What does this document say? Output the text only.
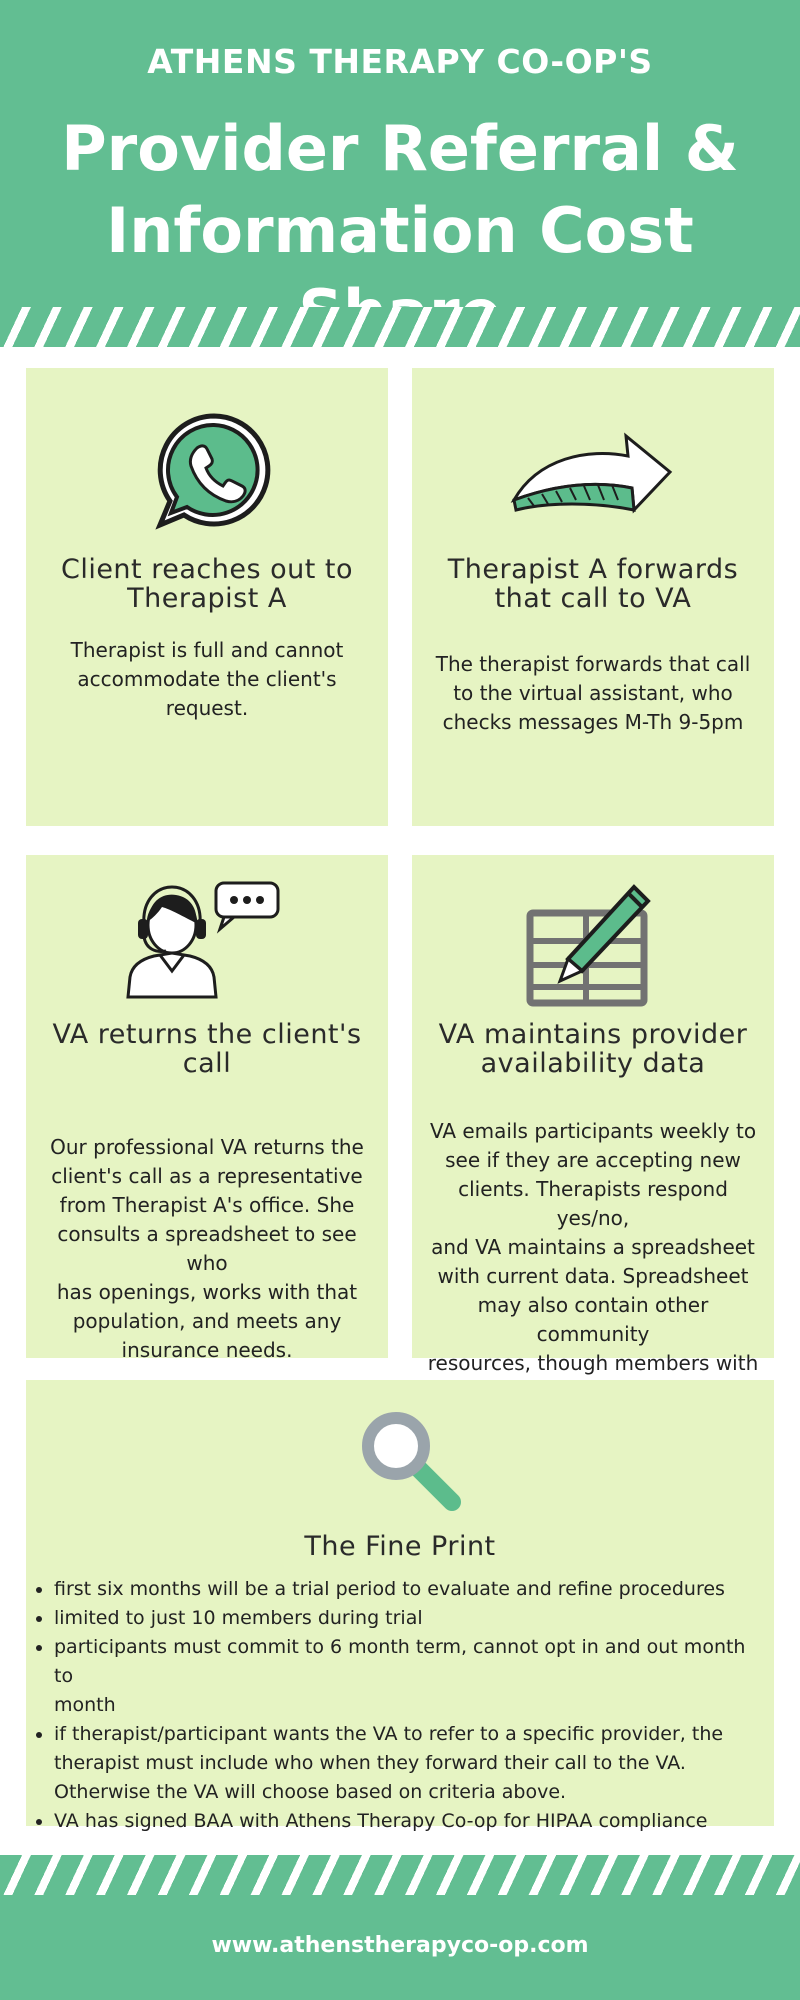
ATHENS THERAPY CO-OP'S
Provider Referral &
Information Cost
Client reaches out to
Therapist A

Therapist is full and cannot
accommodate the client's
request.

Therapist A forwards
that call to VA

The therapist forwards that call
to the virtual assistant, who
checks messages M-Th 9-5pm

VA returns the client's
call

Our professional VA returns the
client's call as a representative
from Therapist A's office. She
consults a spreadsheet to see who
has openings, works with that
population, and meets any
insurance needs.

VA maintains provider
availability data

VA emails participants weekly to
see if they are accepting new
clients. Therapists respond yes/no,
and VA maintains a spreadsheet
with current data. Spreadsheet
may also contain other community
resources, though members with

The Fine Print
first six months will be a trial period to evaluate and refine procedures
limited to just 10 members during trial
participants must commit to 6 month term, cannot opt in and out month to
month
if therapist/participant wants the VA to refer to a specific provider, the
therapist must include who when they forward their call to the VA.
Otherwise the VA will choose based on criteria above.
VA has signed BAA with Athens Therapy Co-op for HIPAA compliance
www.athenstherapyco-op.com
